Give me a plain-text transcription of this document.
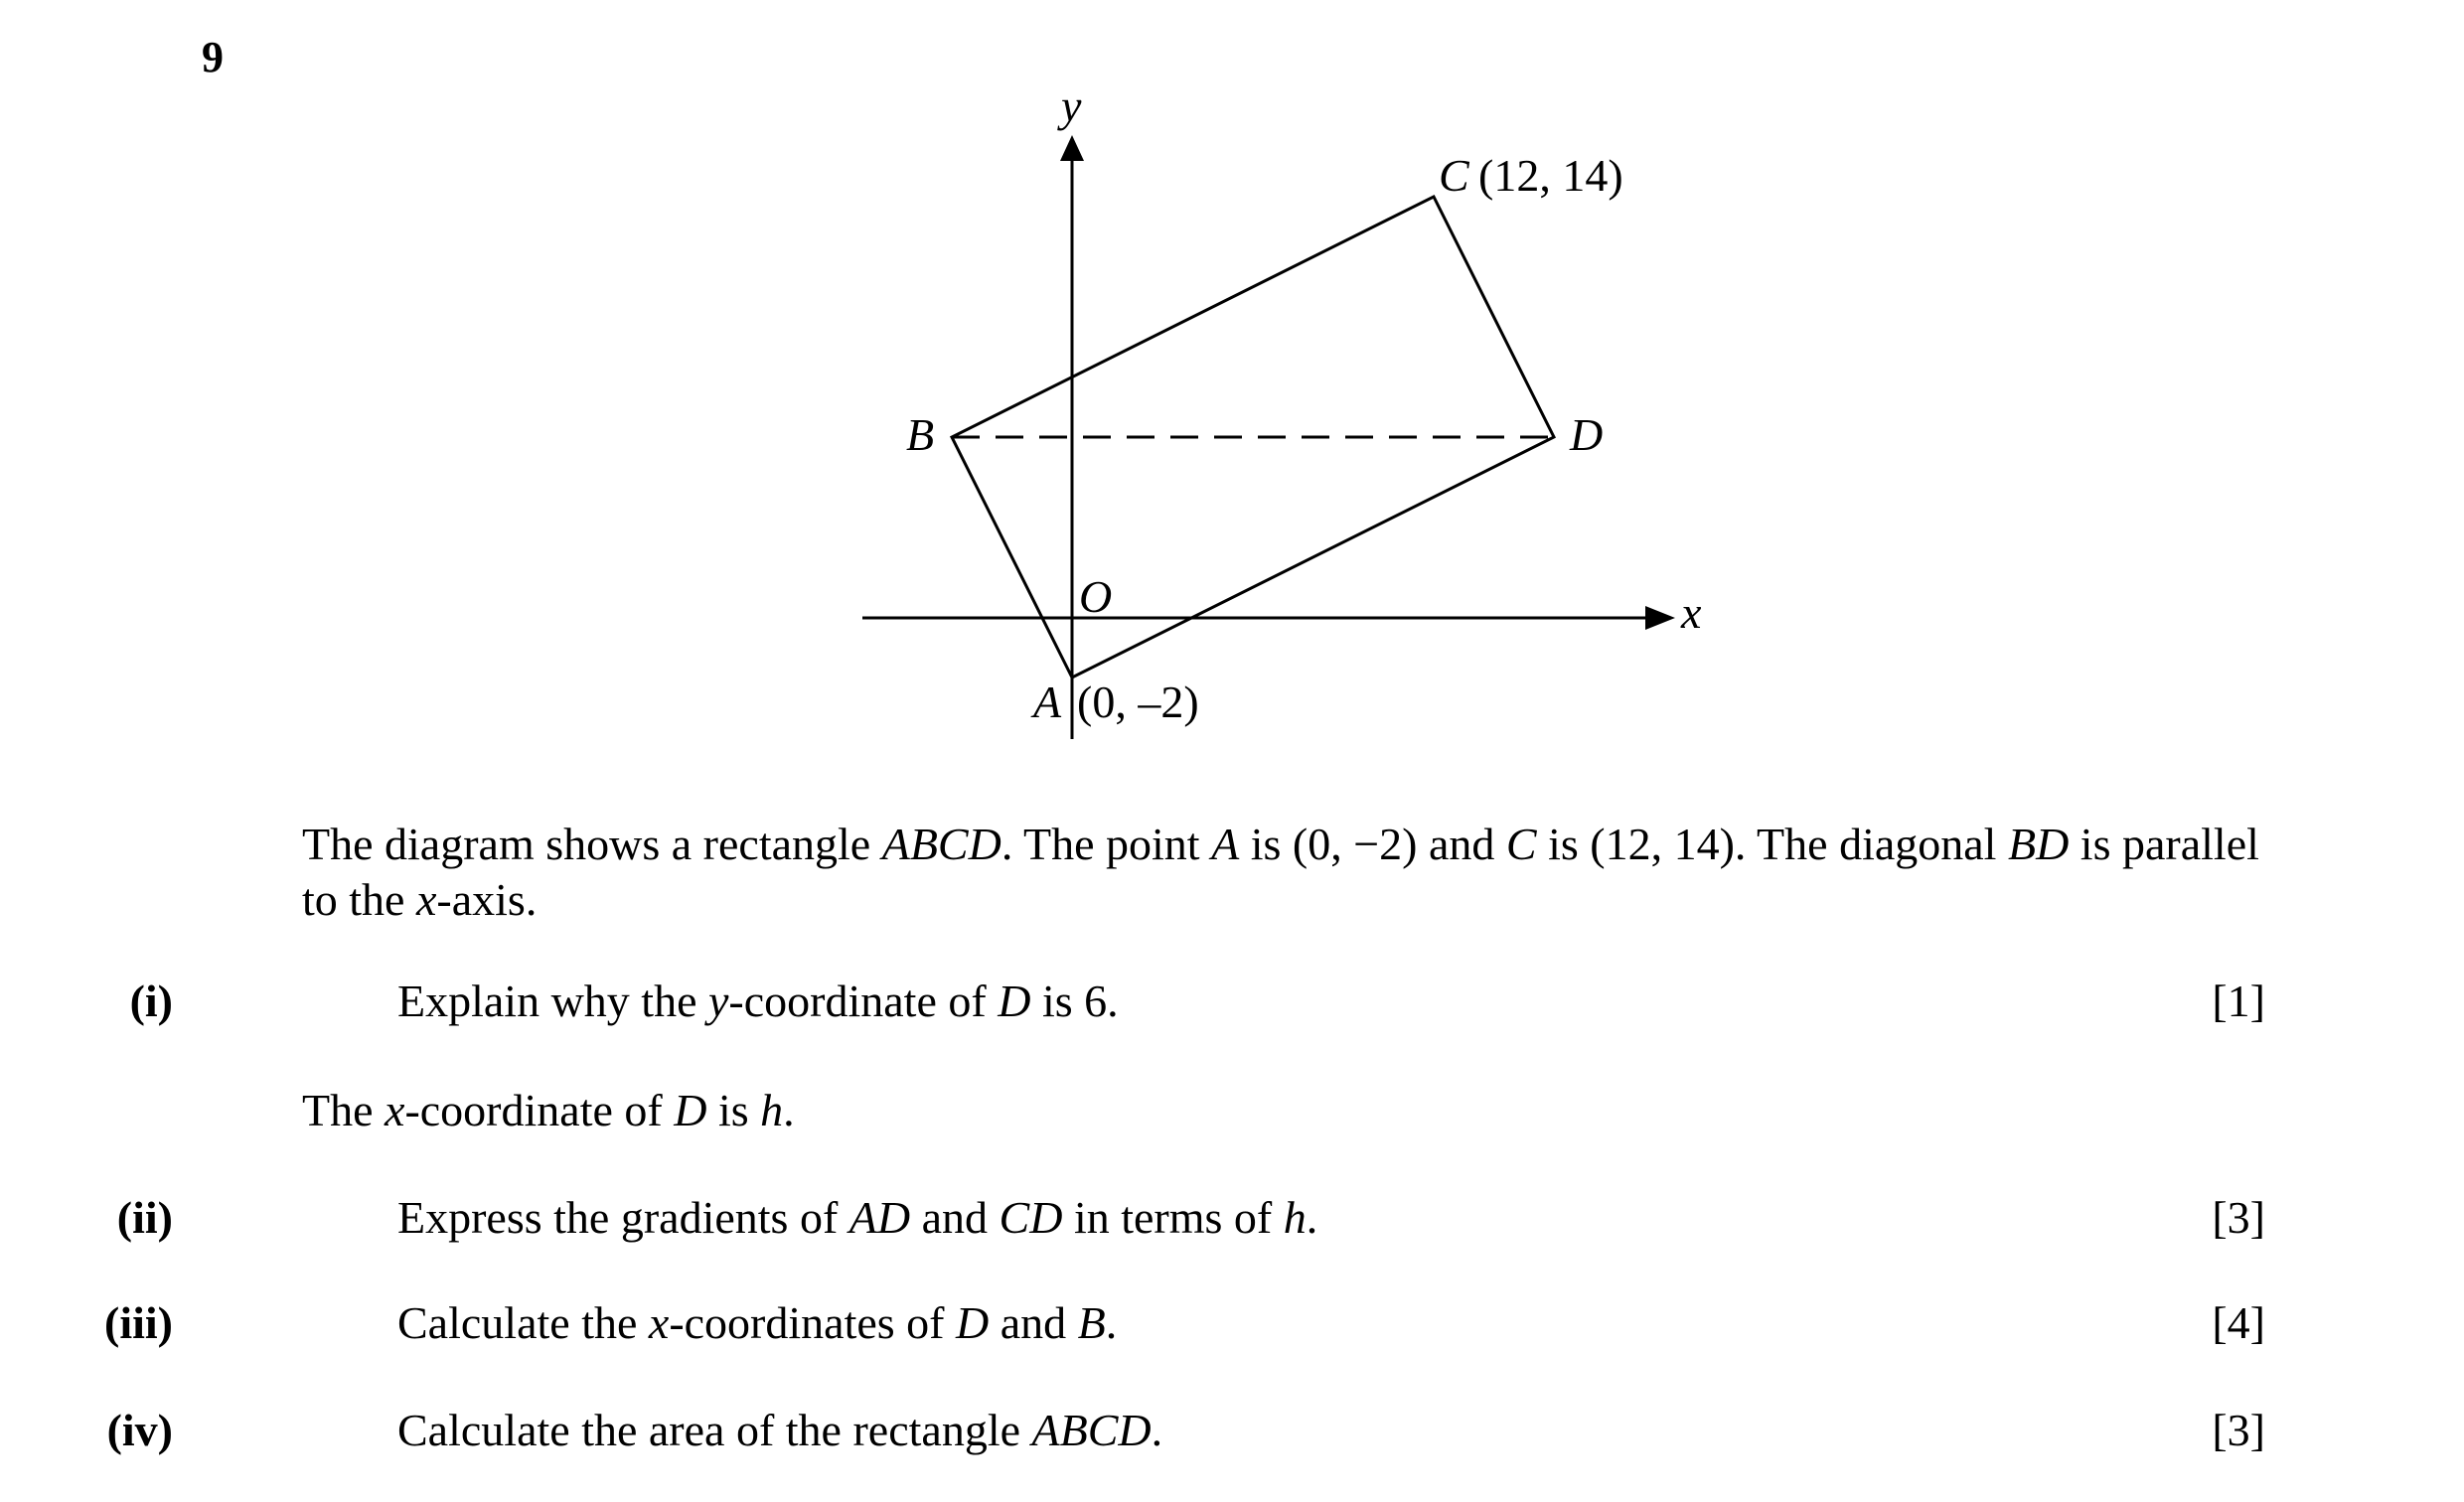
9
y
x
O
B	D
C (12, 14)
A (0, –2)
The diagram shows a rectangle ABCD. The point A is (0, −2) and C is (12, 14). The diagonal BD is parallel to the x-axis.
(i)	Explain why the y-coordinate of D is 6.	[1]
The x-coordinate of D is h.
(ii)	Express the gradients of AD and CD in terms of h.	[3]
(iii)	Calculate the x-coordinates of D and B.	[4]
(iv)	Calculate the area of the rectangle ABCD.	[3]
